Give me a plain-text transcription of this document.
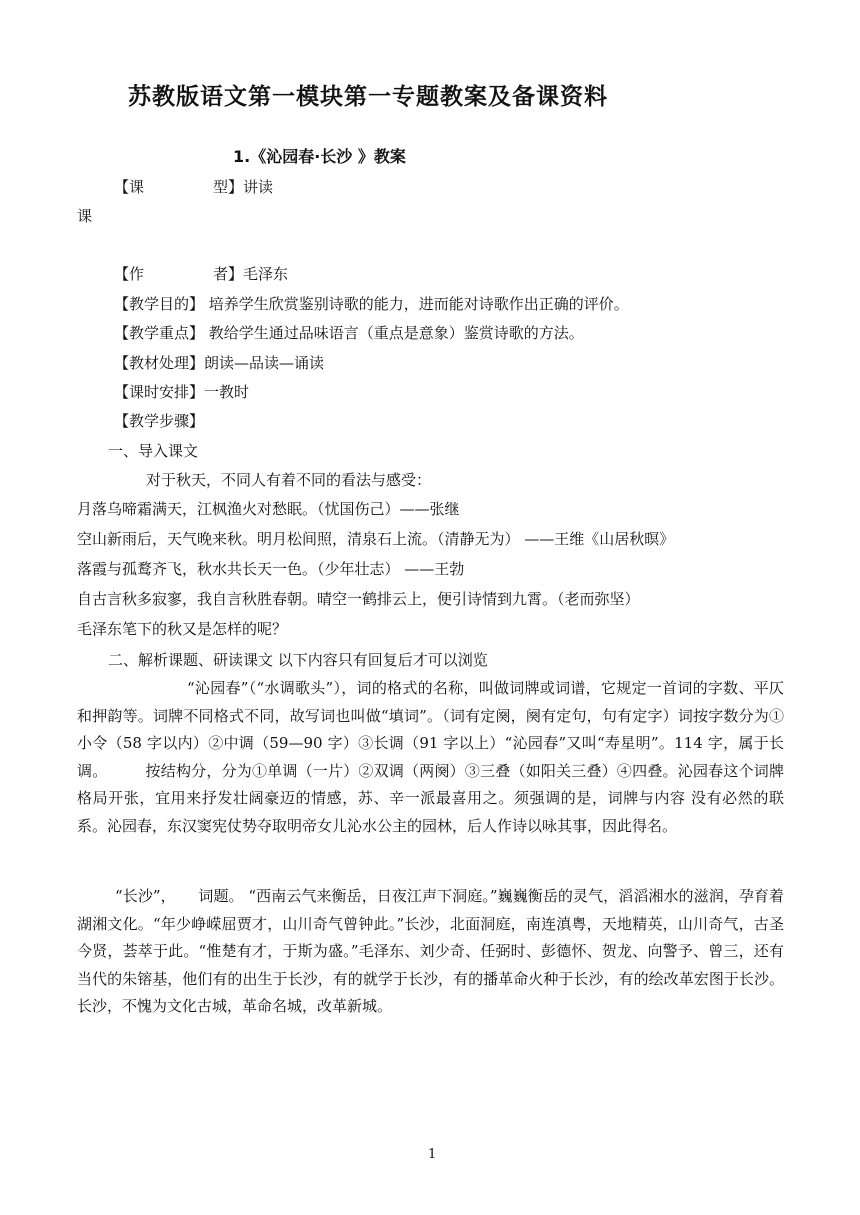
苏教版语文第一模块第一专题教案及备课资料
1.《沁园春·长沙 》教案
【课	型】讲读
课
【作	者】毛泽东
【教学目的】 培养学生欣赏鉴别诗歌的能力，进而能对诗歌作出正确的评价。
【教学重点】 教给学生通过品味语言（重点是意象）鉴赏诗歌的方法。
【教材处理】朗读—品读—诵读
【课时安排】一教时
【教学步骤】
一、导入课文
对于秋天，不同人有着不同的看法与感受：
月落乌啼霜满天，江枫渔火对愁眠。（忧国伤己）——张继
空山新雨后，天气晚来秋。明月松间照，清泉石上流。（清静无为） ——王维《山居秋暝》
落霞与孤鹜齐飞，秋水共长天一色。（少年壮志） ——王勃
自古言秋多寂寥，我自言秋胜春朝。晴空一鹤排云上，便引诗情到九霄。（老而弥坚）
毛泽东笔下的秋又是怎样的呢？
二、解析课题、研读课文 以下内容只有回复后才可以浏览
“沁园春”（“水调歌头”），词的格式的名称，叫做词牌或词谱，它规定一首词的字数、平仄和押韵等。词牌不同格式不同，故写词也叫做“填词”。（词有定阕，阕有定句，句有定字）词按字数分为①小令（58 字以内）②中调（59—90 字）③长调（91 字以上）“沁园春”又叫“寿星明”。114 字，属于长调。　　　按结构分，分为①单调（一片）②双调（两阕）③三叠（如阳关三叠）④四叠。沁园春这个词牌格局开张，宜用来抒发壮阔豪迈的情感，苏、辛一派最喜用之。须强调的是，词牌与内容 没有必然的联系。沁园春，东汉窦宪仗势夺取明帝女儿沁水公主的园林，后人作诗以咏其事，因此得名。
“长沙”，　　词题。 “西南云气来衡岳，日夜江声下洞庭。”巍巍衡岳的灵气，滔滔湘水的滋润，孕育着湖湘文化。“年少峥嵘屈贾才，山川奇气曾钟此。”长沙，北面洞庭，南连滇粤，天地精英，山川奇气，古圣今贤，荟萃于此。“惟楚有才，于斯为盛。”毛泽东、刘少奇、任弼时、彭德怀、贺龙、向警予、曾三，还有当代的朱镕基，他们有的出生于长沙，有的就学于长沙，有的播革命火种于长沙，有的绘改革宏图于长沙。长沙，不愧为文化古城，革命名城，改革新城。
1
